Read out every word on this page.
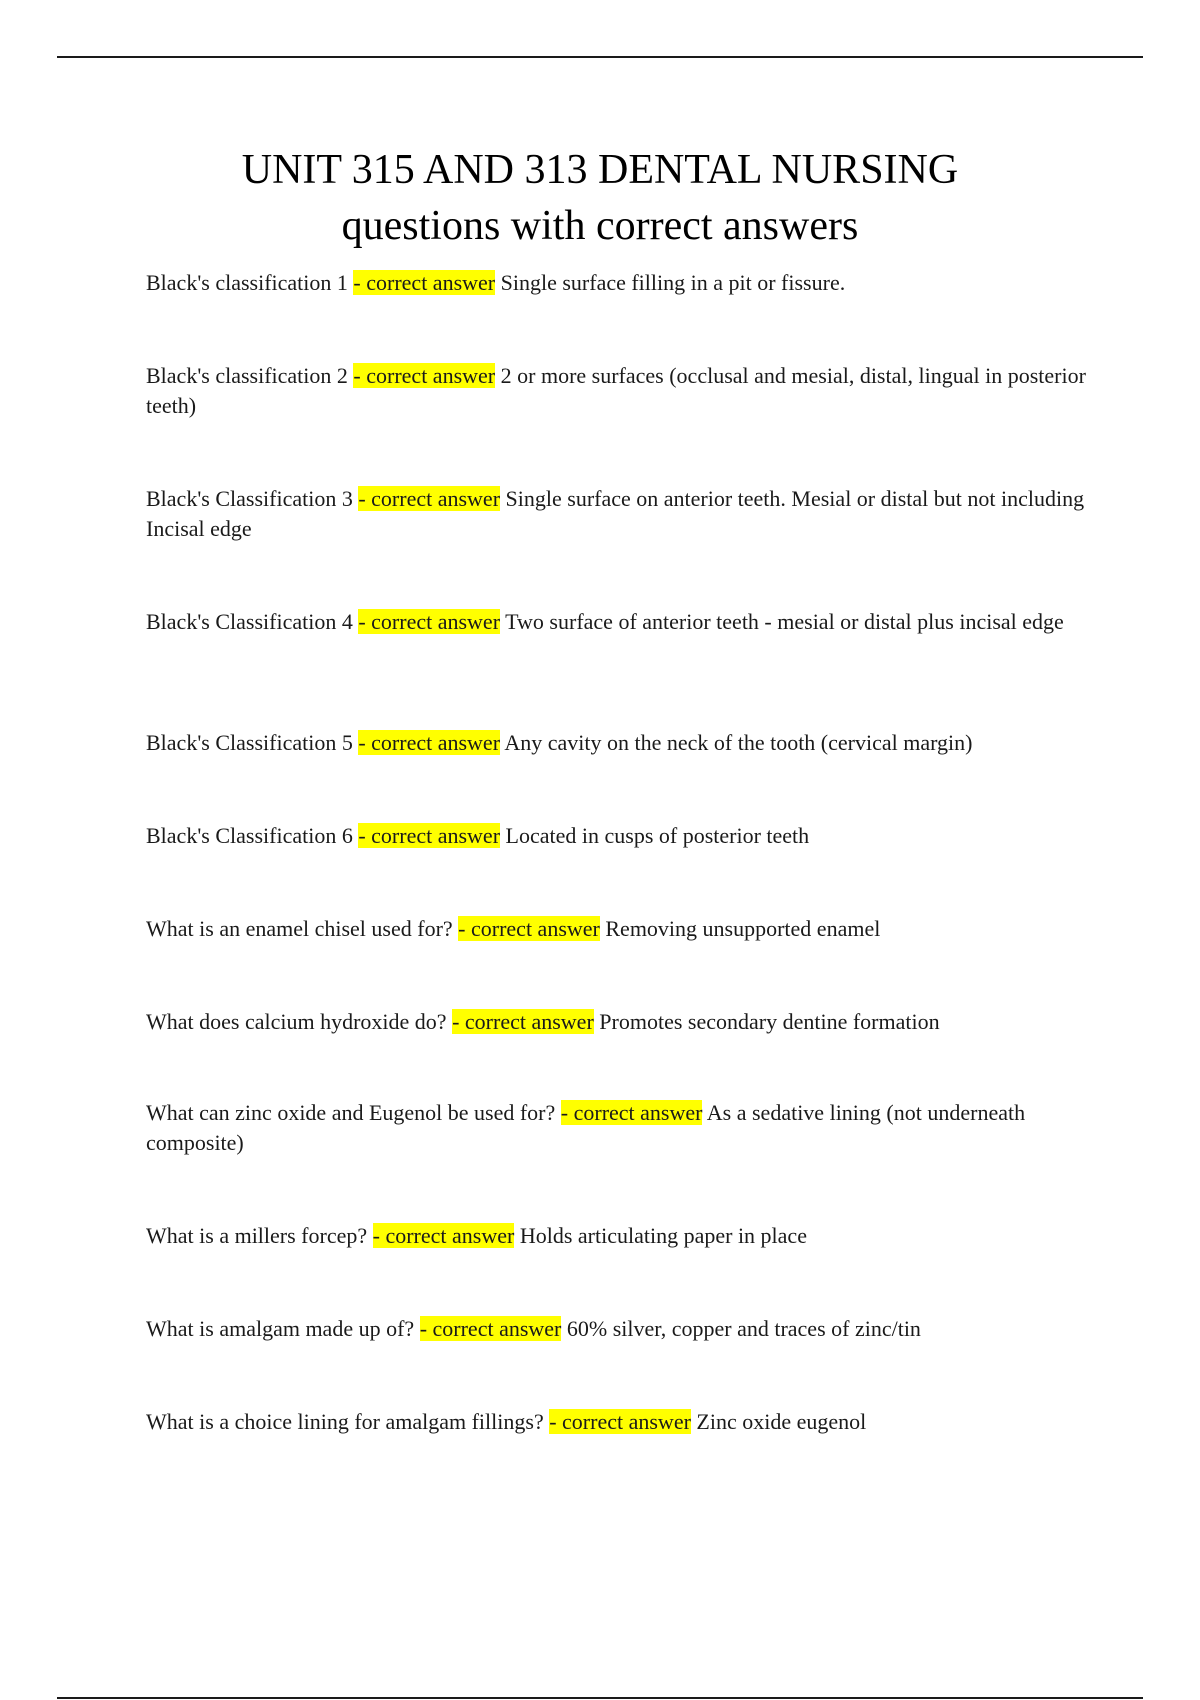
UNIT 315 AND 313 DENTAL NURSING
questions with correct answers
Black's classification 1 - correct answer Single surface filling in a pit or fissure.
Black's classification 2 - correct answer 2 or more surfaces (occlusal and mesial, distal, lingual in posterior teeth)
Black's Classification 3 - correct answer Single surface on anterior teeth. Mesial or distal but not including Incisal edge
Black's Classification 4 - correct answer Two surface of anterior teeth - mesial or distal plus incisal edge
Black's Classification 5 - correct answer Any cavity on the neck of the tooth (cervical margin)
Black's Classification 6 - correct answer Located in cusps of posterior teeth
What is an enamel chisel used for? - correct answer Removing unsupported enamel
What does calcium hydroxide do? - correct answer Promotes secondary dentine formation
What can zinc oxide and Eugenol be used for? - correct answer As a sedative lining (not underneath composite)
What is a millers forcep? - correct answer Holds articulating paper in place
What is amalgam made up of? - correct answer 60% silver, copper and traces of zinc/tin
What is a choice lining for amalgam fillings? - correct answer Zinc oxide eugenol
